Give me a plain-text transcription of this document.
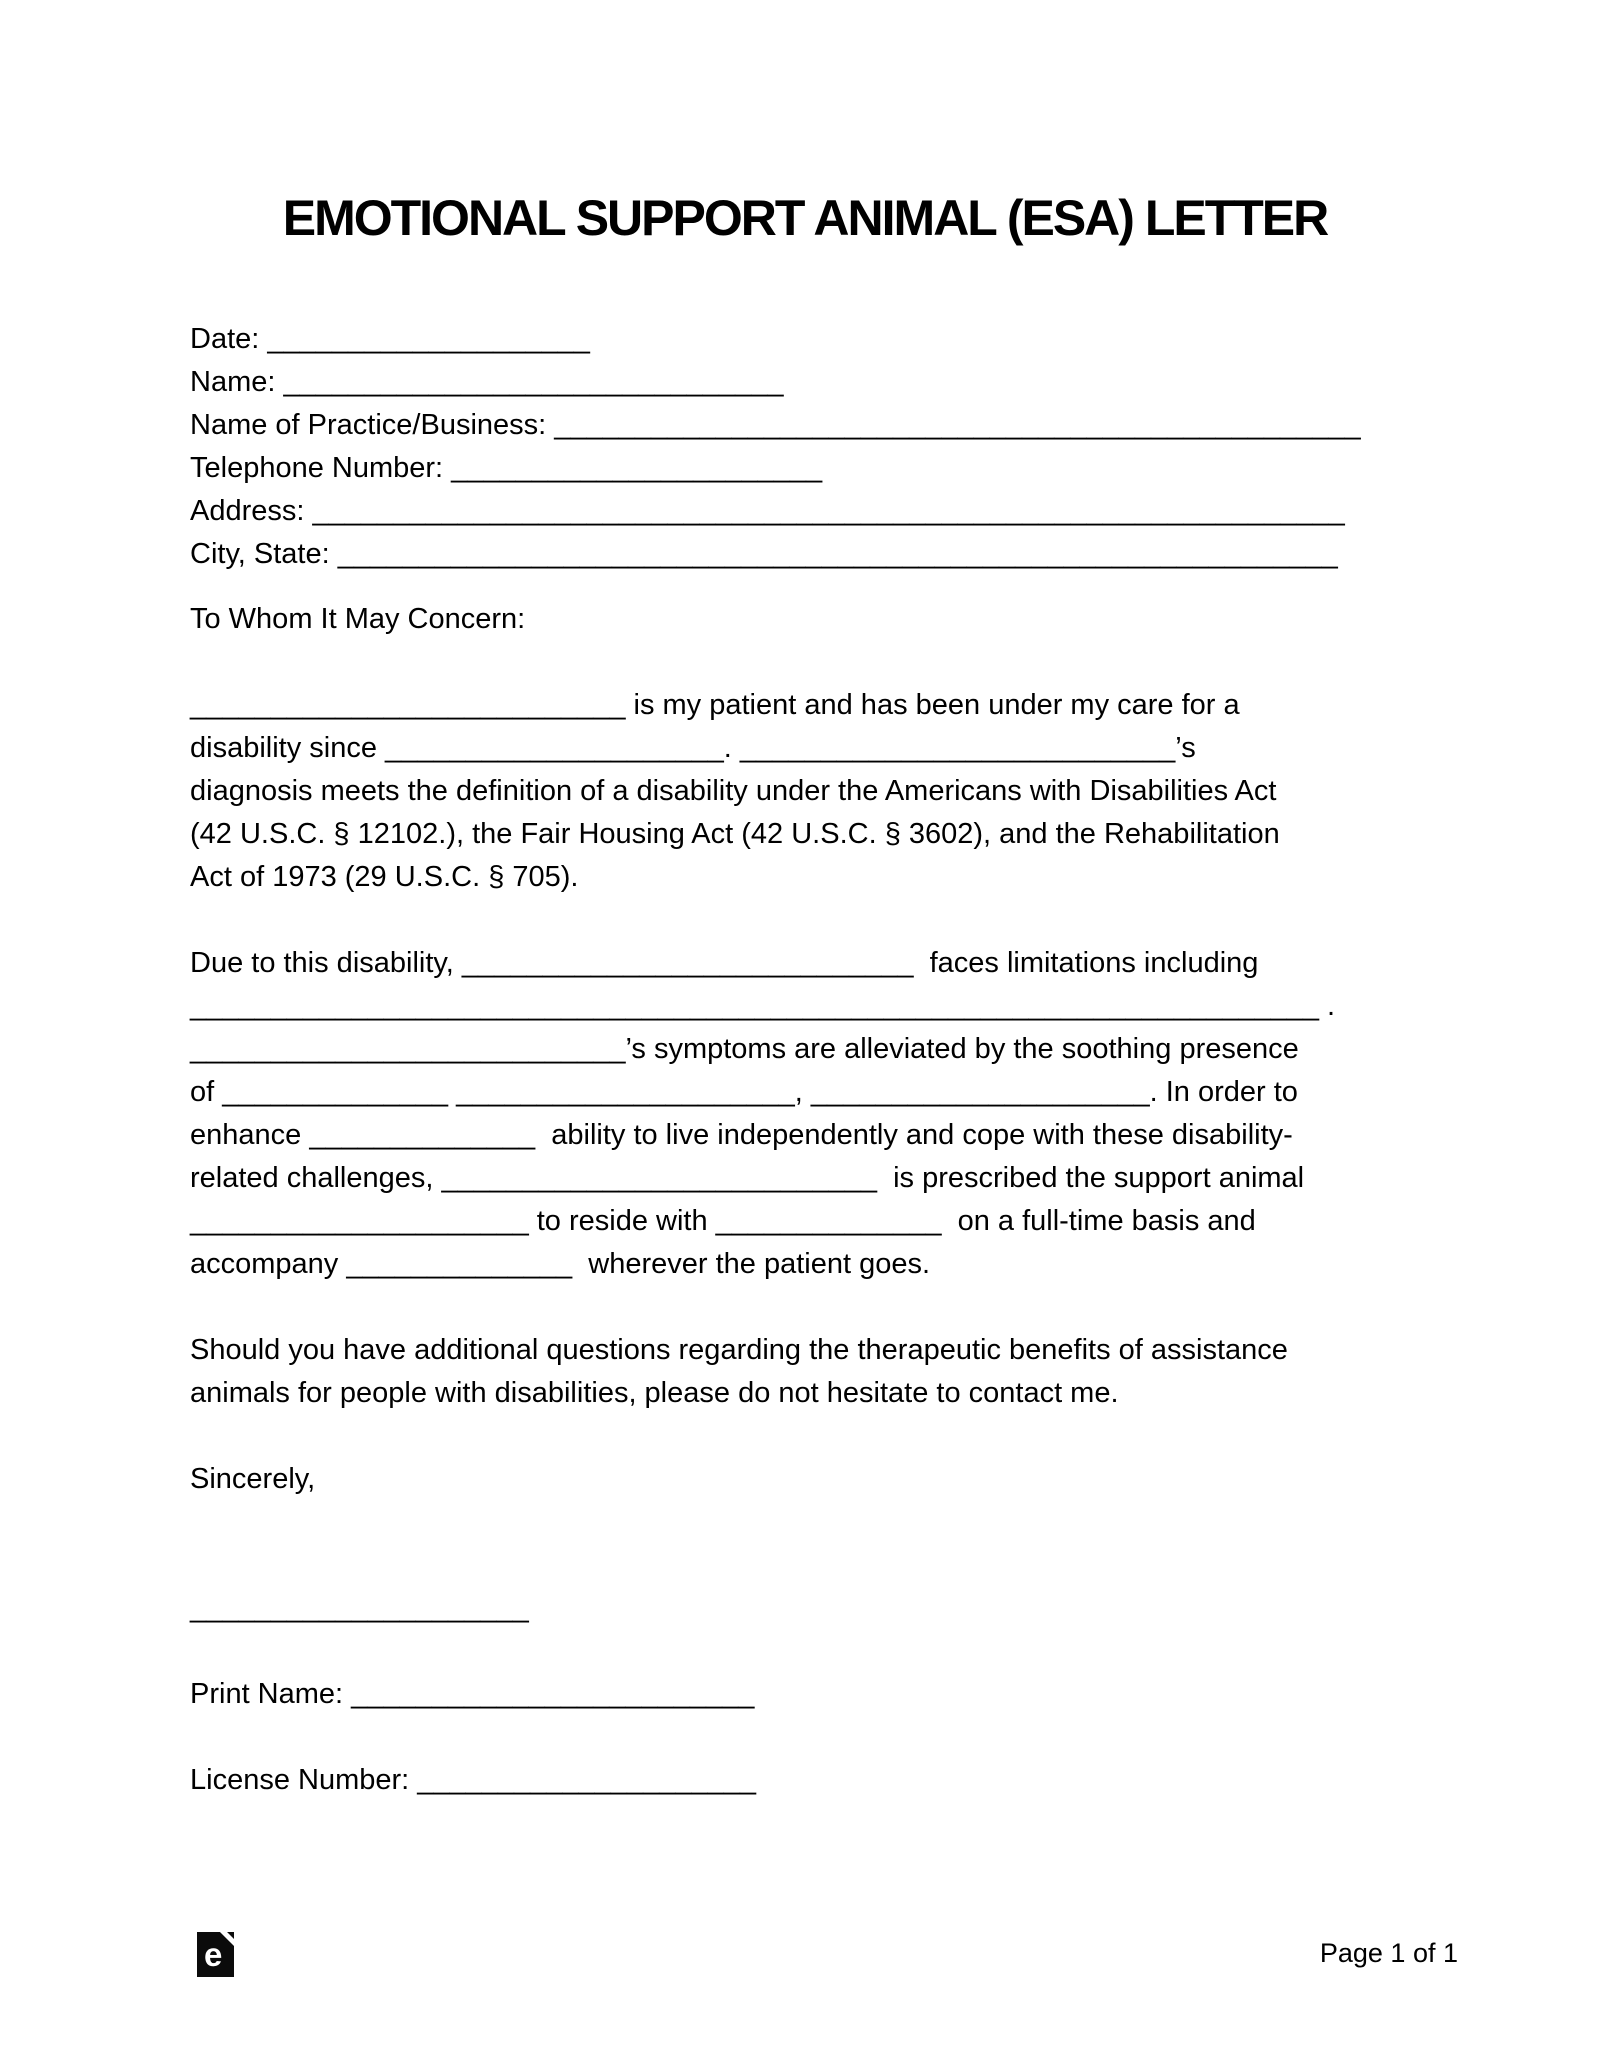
EMOTIONAL SUPPORT ANIMAL (ESA) LETTER
Date: ____________________
Name: _______________________________
Name of Practice/Business: __________________________________________________
Telephone Number: _______________________
Address: ________________________________________________________________
City, State: ______________________________________________________________
To Whom It May Concern:
___________________________ is my patient and has been under my care for a
disability since _____________________. ___________________________’s
diagnosis meets the definition of a disability under the Americans with Disabilities Act
(42 U.S.C. § 12102.), the Fair Housing Act (42 U.S.C. § 3602), and the Rehabilitation
Act of 1973 (29 U.S.C. § 705).
Due to this disability, ____________________________  faces limitations including
______________________________________________________________________ .
___________________________’s symptoms are alleviated by the soothing presence
of ______________ _____________________, _____________________. In order to
enhance ______________  ability to live independently and cope with these disability-
related challenges, ___________________________  is prescribed the support animal
_____________________ to reside with ______________  on a full-time basis and
accompany ______________  wherever the patient goes.
Should you have additional questions regarding the therapeutic benefits of assistance
animals for people with disabilities, please do not hesitate to contact me.
Sincerely,
_____________________
Print Name: _________________________
License Number: _____________________
e	Page 1 of 1
